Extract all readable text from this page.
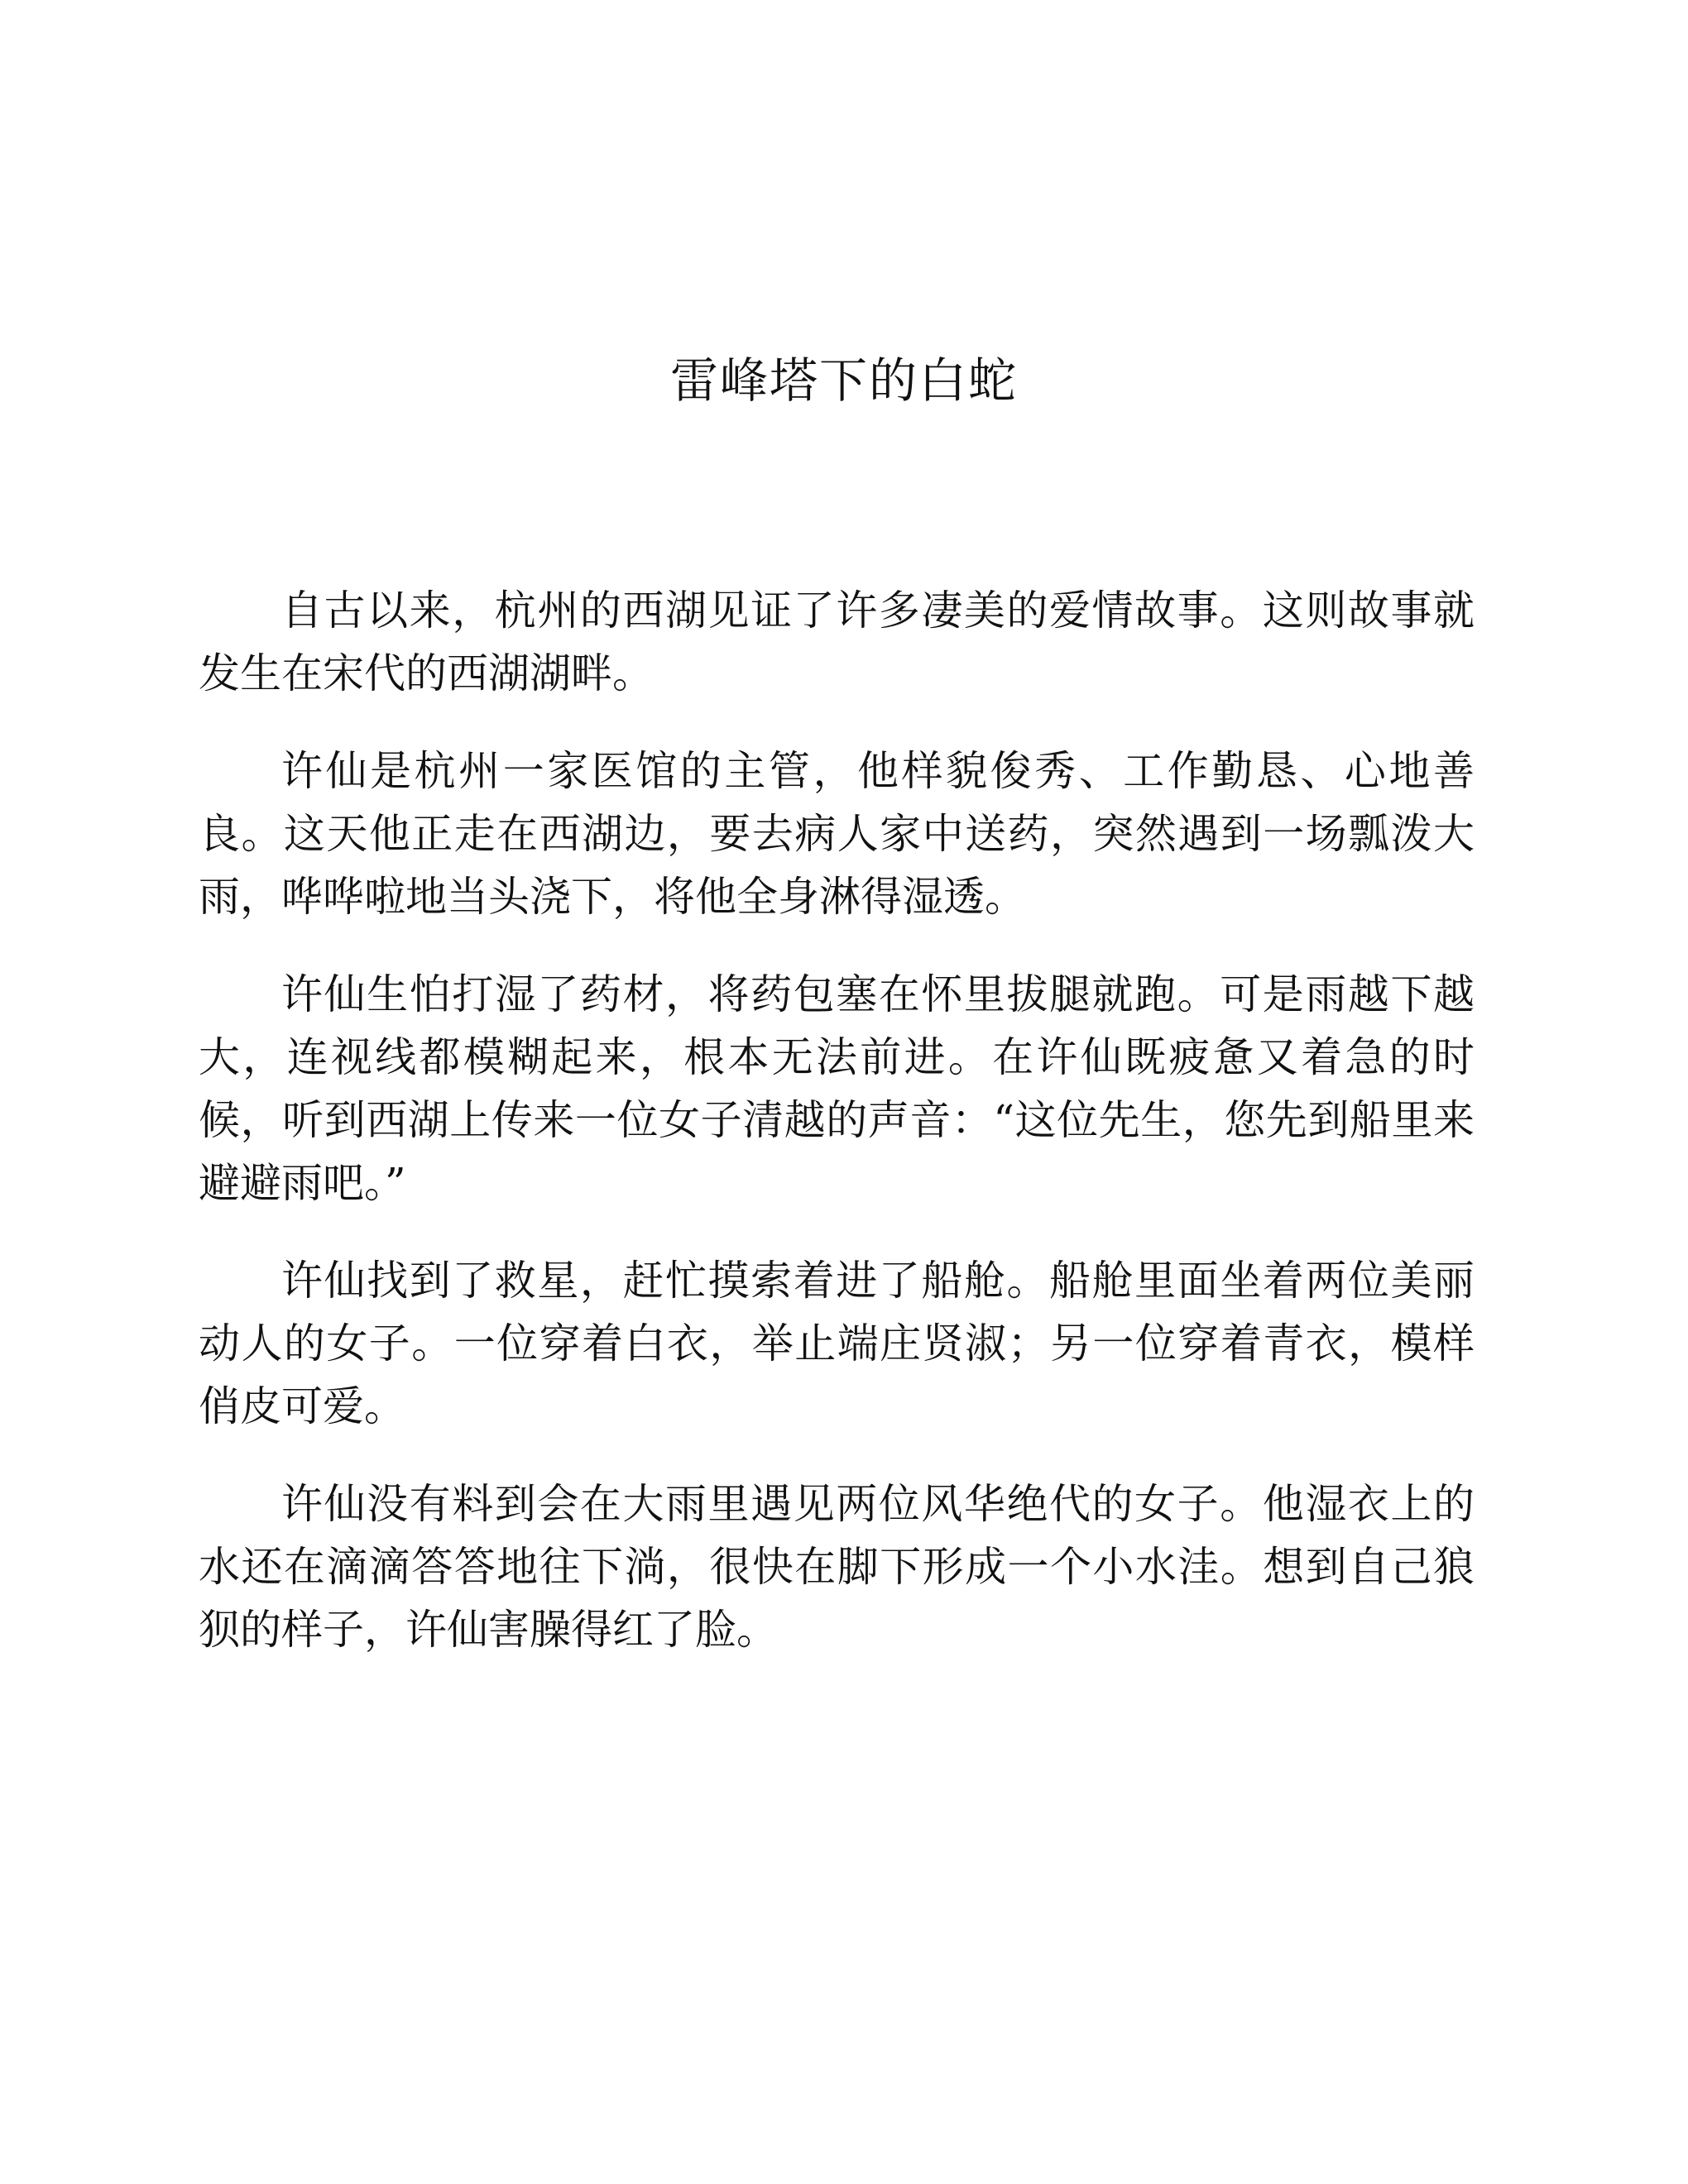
雷峰塔下的白蛇

自古以来，杭州的西湖见证了许多凄美的爱情故事。这则故事就发生在宋代的西湖湖畔。

许仙是杭州一家医馆的主管，他样貌俊秀、工作勤恳、心地善良。这天他正走在西湖边，要去病人家中送药，突然遇到一场瓢泼大雨，哗哗啦地当头浇下，将他全身淋得湿透。

许仙生怕打湿了药材，将药包塞在怀里拔腿就跑。可是雨越下越大，连视线都模糊起来，根本无法前进。在许仙既疲惫又着急的时候，听到西湖上传来一位女子清越的声音：“这位先生，您先到船里来避避雨吧。”

许仙找到了救星，赶忙摸索着进了船舱。船舱里面坐着两位美丽动人的女子。一位穿着白衣，举止端庄贤淑；另一位穿着青衣，模样俏皮可爱。

许仙没有料到会在大雨里遇见两位风华绝代的女子。他湿衣上的水还在滴滴答答地往下淌，很快在脚下形成一个小水洼。想到自己狼狈的样子，许仙害臊得红了脸。
